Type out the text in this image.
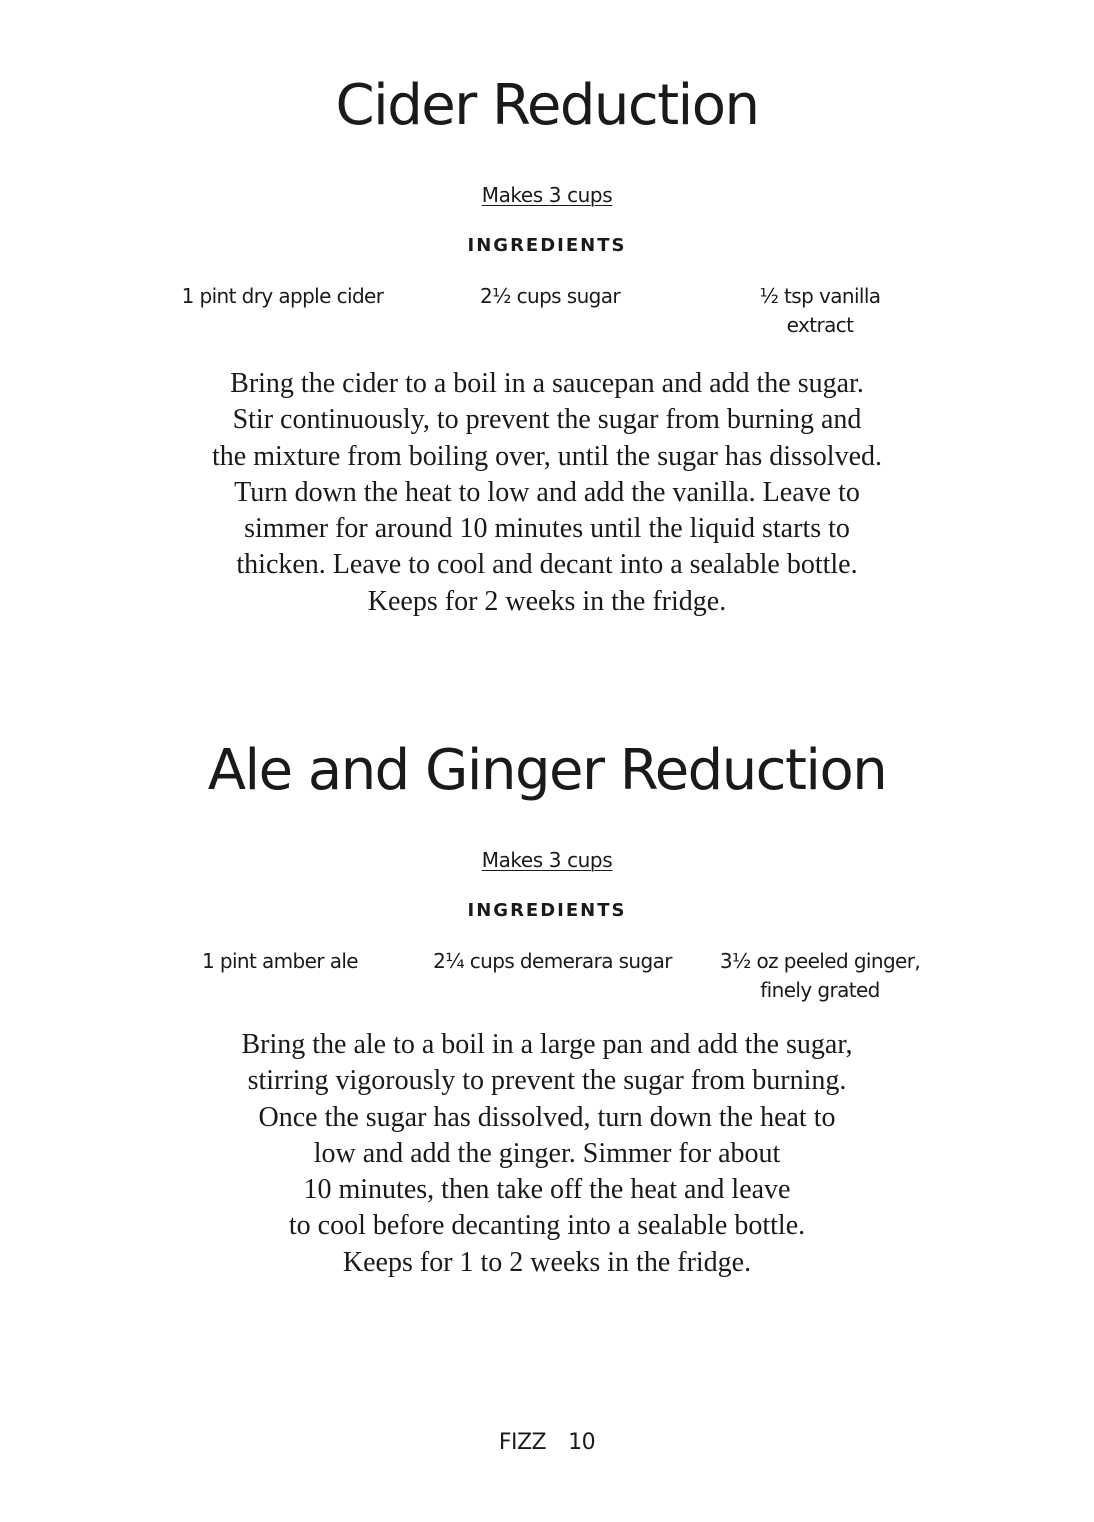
Cider Reduction
Makes 3 cups
INGREDIENTS
1 pint dry apple cider	2½ cups sugar	½ tsp vanilla
extract

Bring the cider to a boil in a saucepan and add the sugar.
Stir continuously, to prevent the sugar from burning and
the mixture from boiling over, until the sugar has dissolved.
Turn down the heat to low and add the vanilla. Leave to
simmer for around 10 minutes until the liquid starts to
thicken. Leave to cool and decant into a sealable bottle.
Keeps for 2 weeks in the fridge.

Ale and Ginger Reduction
Makes 3 cups
INGREDIENTS
1 pint amber ale	2¼ cups demerara sugar	3½ oz peeled ginger,
finely grated

Bring the ale to a boil in a large pan and add the sugar,
stirring vigorously to prevent the sugar from burning.
Once the sugar has dissolved, turn down the heat to
low and add the ginger. Simmer for about
10 minutes, then take off the heat and leave
to cool before decanting into a sealable bottle.
Keeps for 1 to 2 weeks in the fridge.

FIZZ 10
